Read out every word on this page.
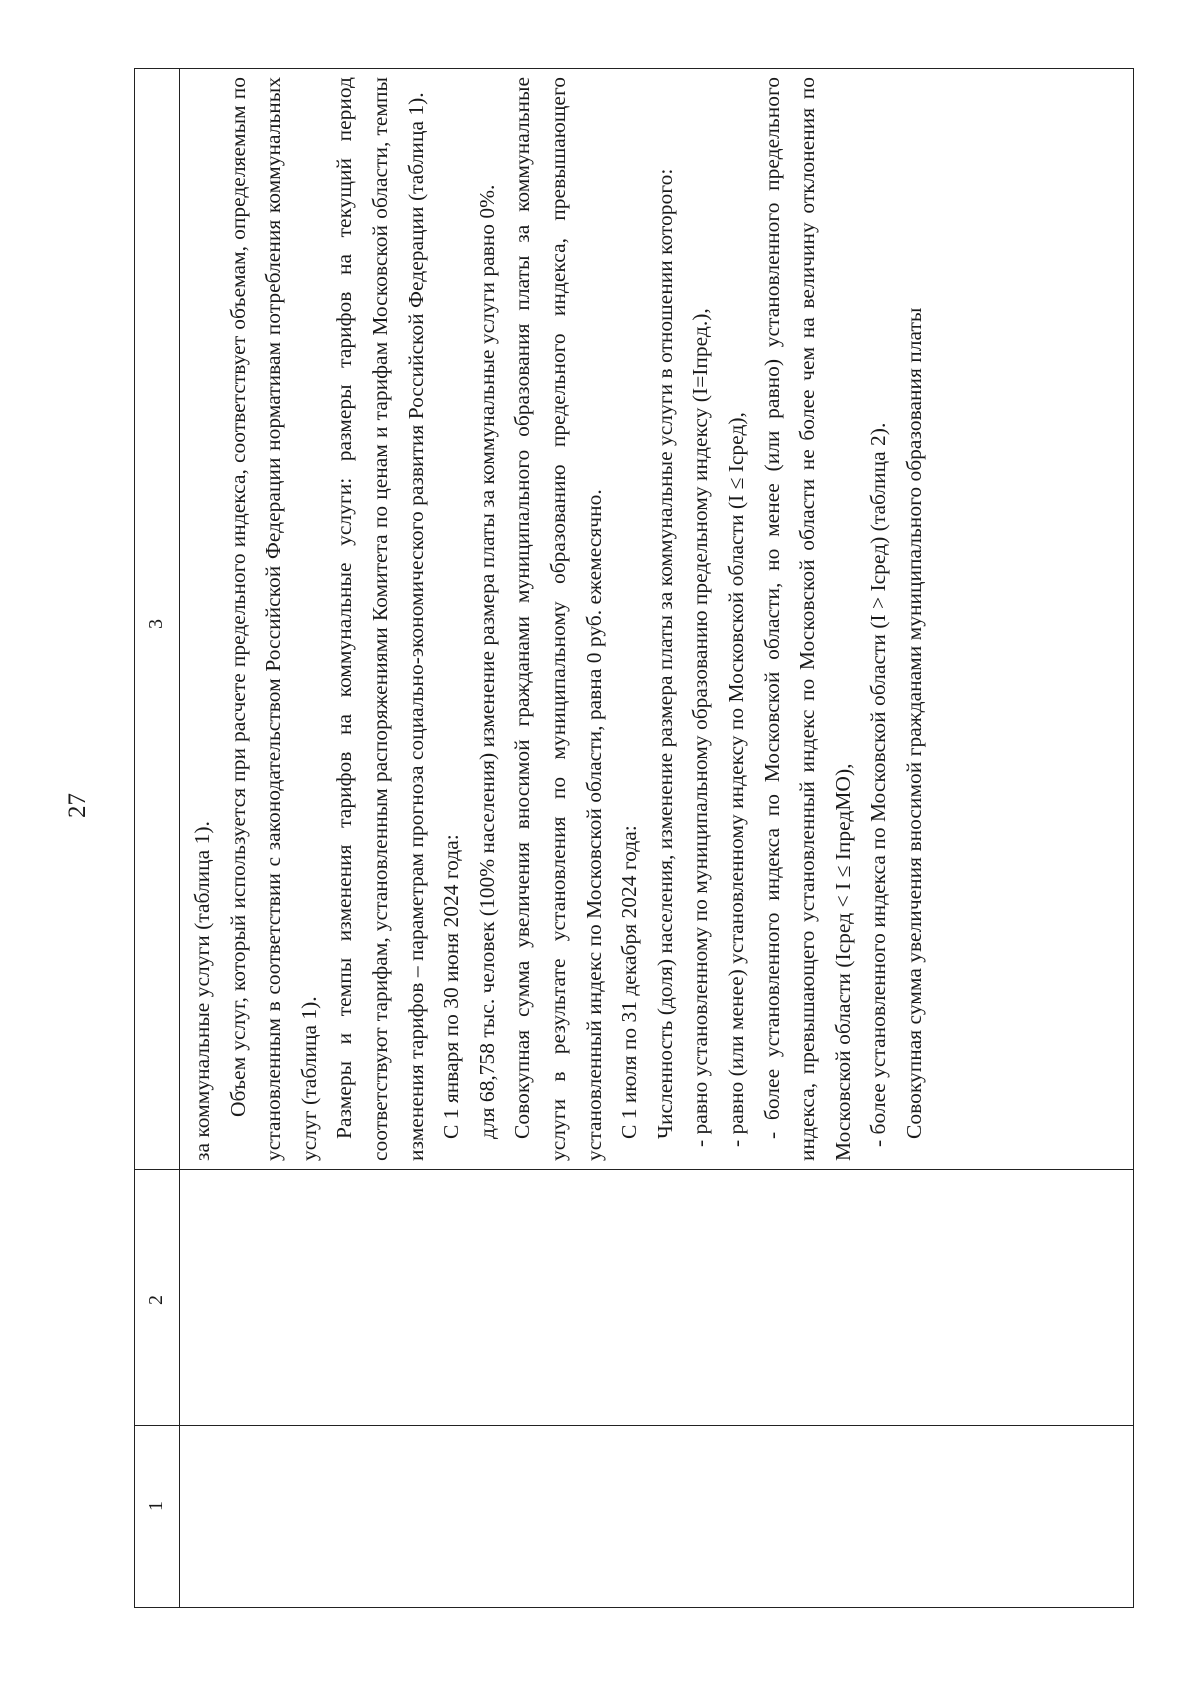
27
1
2
3

за коммунальные услуги (таблица 1). Объем услуг, который используется при расчете предельного индекса, соответствует объемам, определяемым по установленным в соответствии с законодательством Российской Федерации нормативам потребления коммунальных услуг (таблица 1). Размеры и темпы изменения тарифов на коммунальные услуги: размеры тарифов на текущий период соответствуют тарифам, установленным распоряжениями Комитета по ценам и тарифам Московской области, темпы изменения тарифов – параметрам прогноза социально-экономического развития Российской Федерации (таблица 1). С 1 января по 30 июня 2024 года: для 68,758 тыс. человек (100% населения) изменение размера платы за коммунальные услуги равно 0%. Совокупная сумма увеличения вносимой гражданами муниципального образования платы за коммунальные услуги в результате установления по муниципальному образованию предельного индекса, превышающего установленный индекс по Московской области, равна 0 руб. ежемесячно. С 1 июля по 31 декабря 2024 года: Численность (доля) населения, изменение размера платы за коммунальные услуги в отношении которого: - равно установленному по муниципальному образованию предельному индексу (I=Iпред.), - равно (или менее) установленному индексу по Московской области (I ≤ Iсред), - более установленного индекса по Московской области, но менее (или равно) установленного предельного индекса, превышающего установленный индекс по Московской области не более чем на величину отклонения по Московской области (Iсред < I ≤ IпредМО), - более установленного индекса по Московской области (I > Iсред) (таблица 2). Совокупная сумма увеличения вносимой гражданами муниципального образования платы
